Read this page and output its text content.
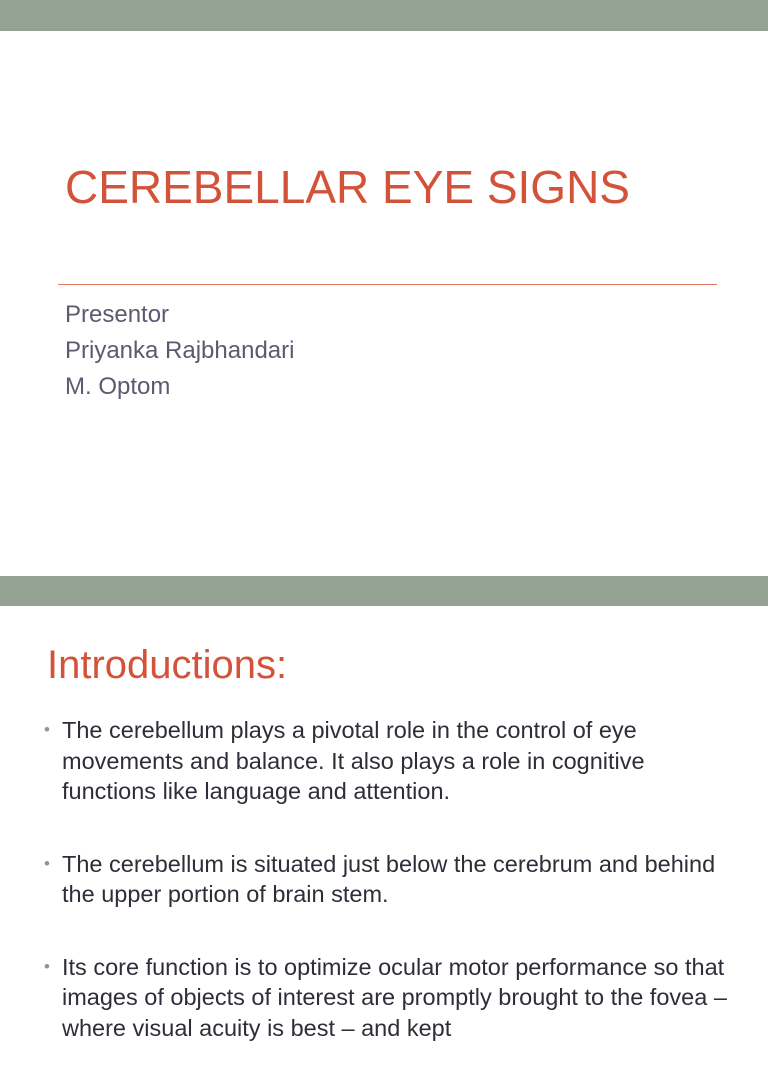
CEREBELLAR EYE SIGNS
Presentor
Priyanka Rajbhandari
M. Optom
Introductions:
• The cerebellum plays a pivotal role in the control of eye movements and balance. It also plays a role in cognitive functions like language and attention.
• The cerebellum is situated just below the cerebrum and behind the upper portion of brain stem.
• Its core function is to optimize ocular motor performance so that images of objects of interest are promptly brought to the fovea – where visual acuity is best – and kept
